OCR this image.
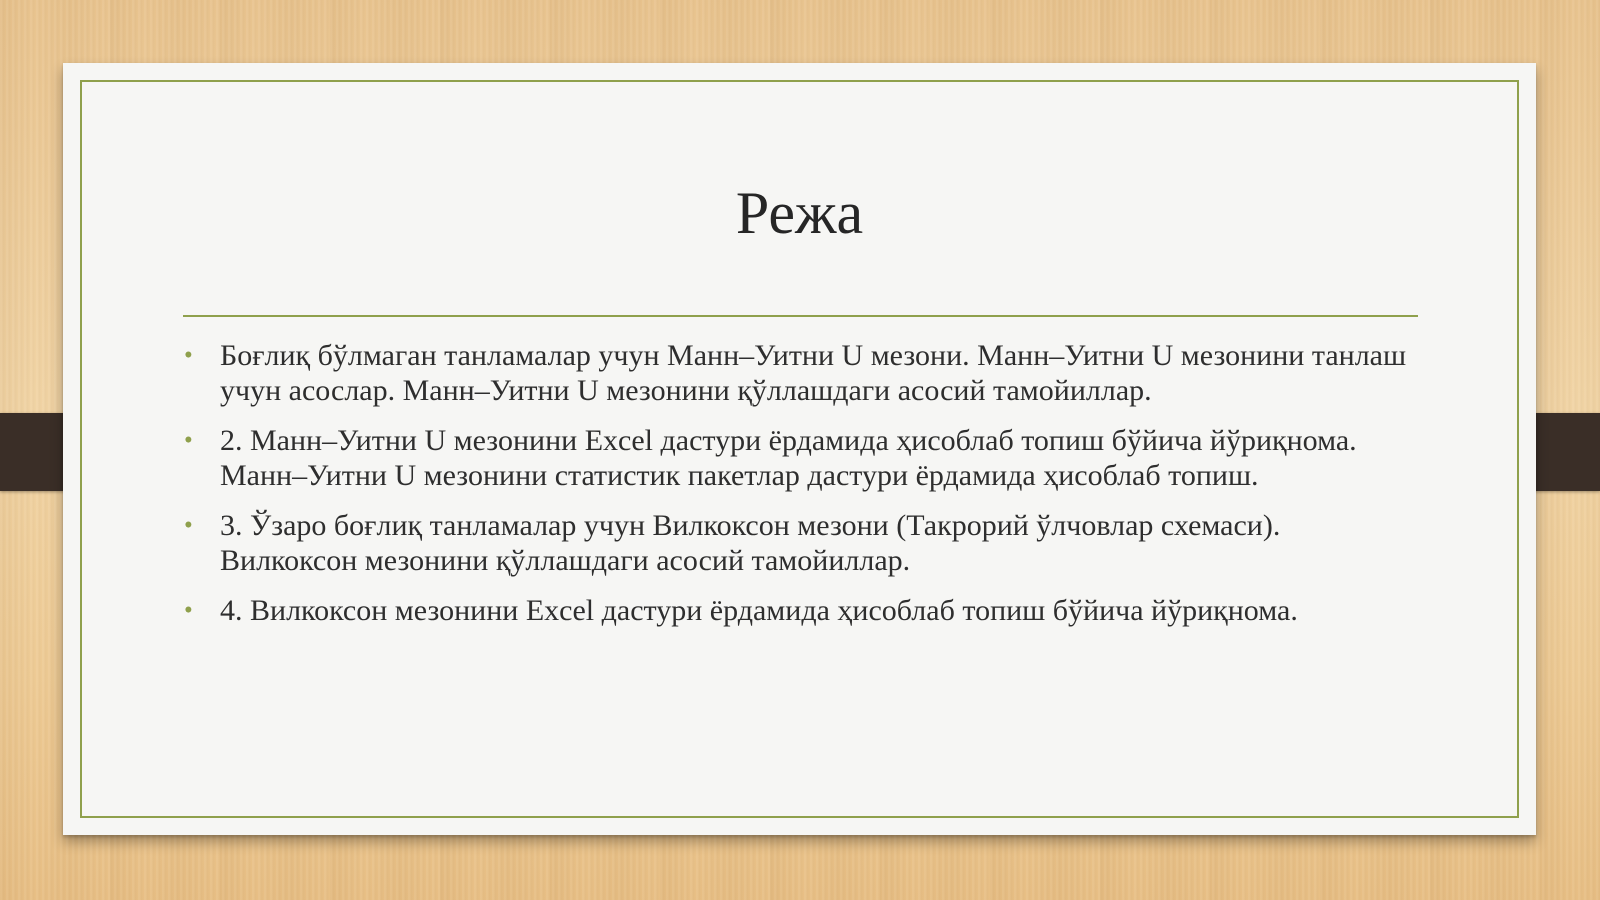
Режа
• Боғлиқ бўлмаган танламалар учун Манн–Уитни U мезони. Манн–Уитни U мезонини танлаш учун асослар. Манн–Уитни U мезонини қўллашдаги асосий тамойиллар.
• 2. Манн–Уитни U мезонини Excel дастури ёрдамида ҳисоблаб топиш бўйича йўриқнома. Манн–Уитни U мезонини статистик пакетлар дастури ёрдамида ҳисоблаб топиш.
• 3. Ўзаро боғлиқ танламалар учун Вилкоксон мезони (Такрорий ўлчовлар схемаси). Вилкоксон мезонини қўллашдаги асосий тамойиллар.
• 4. Вилкоксон мезонини Excel дастури ёрдамида ҳисоблаб топиш бўйича йўриқнома.
